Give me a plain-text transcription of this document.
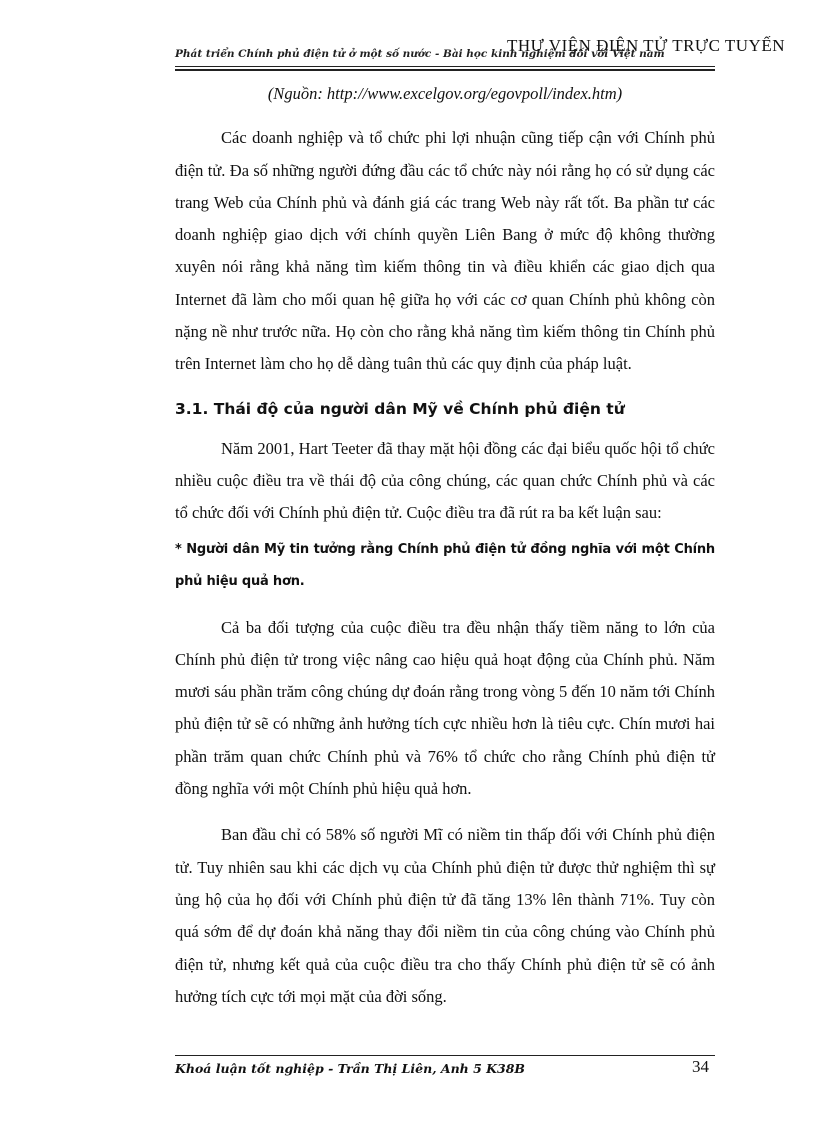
THƯ VIỆN ĐIỆN TỬ TRỰC TUYẾN
Phát triển Chính phủ điện tử ở một số nước - Bài học kinh nghiệm đối với Việt nam
(Nguồn: http://www.excelgov.org/egovpoll/index.htm)

Các doanh nghiệp và tổ chức phi lợi nhuận cũng tiếp cận với Chính phủ điện tử. Đa số những người đứng đầu các tổ chức này nói rằng họ có sử dụng các trang Web của Chính phủ và đánh giá các trang Web này rất tốt. Ba phần tư các doanh nghiệp giao dịch với chính quyền Liên Bang ở mức độ không thường xuyên nói rằng khả năng tìm kiếm thông tin và điều khiển các giao dịch qua Internet đã làm cho mối quan hệ giữa họ với các cơ quan Chính phủ không còn nặng nề như trước nữa. Họ còn cho rằng khả năng tìm kiếm thông tin Chính phủ trên Internet làm cho họ dễ dàng tuân thủ các quy định của pháp luật.

3.1. Thái độ của người dân Mỹ về Chính phủ điện tử

Năm 2001, Hart Teeter đã thay mặt hội đồng các đại biểu quốc hội tổ chức nhiều cuộc điều tra về thái độ của công chúng, các quan chức Chính phủ và các tổ chức đối với Chính phủ điện tử. Cuộc điều tra đã rút ra ba kết luận sau:

* Người dân Mỹ tin tưởng rằng Chính phủ điện tử đồng nghĩa với một Chính phủ hiệu quả hơn.

Cả ba đối tượng của cuộc điều tra đều nhận thấy tiềm năng to lớn của Chính phủ điện tử trong việc nâng cao hiệu quả hoạt động của Chính phủ. Năm mươi sáu phần trăm công chúng dự đoán rằng trong vòng 5 đến 10 năm tới Chính phủ điện tử sẽ có những ảnh hưởng tích cực nhiều hơn là tiêu cực. Chín mươi hai phần trăm quan chức Chính phủ và 76% tổ chức cho rằng Chính phủ điện tử đồng nghĩa với một Chính phủ hiệu quả hơn.

Ban đầu chỉ có 58% số người Mĩ có niềm tin thấp đối với Chính phủ điện tử. Tuy nhiên sau khi các dịch vụ của Chính phủ điện tử được thử nghiệm thì sự ủng hộ của họ đối với Chính phủ điện tử đã tăng 13% lên thành 71%. Tuy còn quá sớm để dự đoán khả năng thay đổi niềm tin của công chúng vào Chính phủ điện tử, nhưng kết quả của cuộc điều tra cho thấy Chính phủ điện tử sẽ có ảnh hưởng tích cực tới mọi mặt của đời sống.

Khoá luận tốt nghiệp - Trần Thị Liên, Anh 5 K38B	34
